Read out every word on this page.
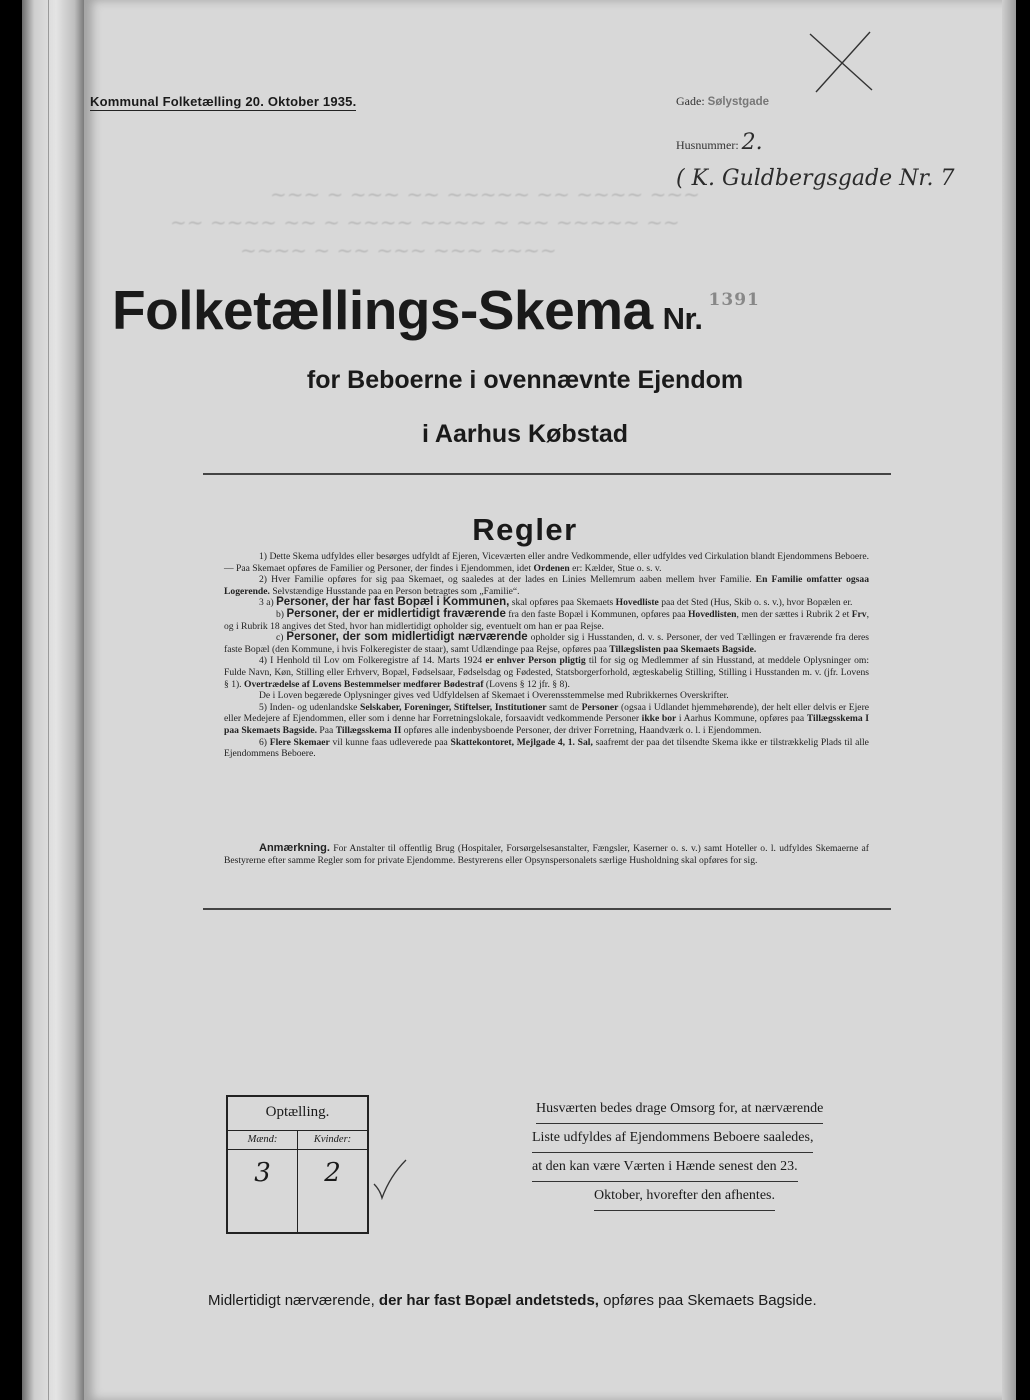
Kommunal Folketælling 20. Oktober 1935.	Gade: Sølystgade
Husnummer: 2.
( K. Guldbergsgade Nr. 7
~~~ ~ ~~~ ~~ ~~~~~ ~~ ~~~~ ~~~
~~ ~~~~ ~~ ~ ~~~~ ~~~~ ~ ~~ ~~~~~ ~~
~~~~ ~ ~~ ~~~ ~~~ ~~~~
Folketællings-Skema Nr.$^{1391}$
for Beboerne i ovennævnte Ejendom
i Aarhus Købstad
Regler

1) Dette Skema udfyldes eller besørges udfyldt af Ejeren, Viceværten eller andre Vedkommende, eller udfyldes ved Cirkulation blandt Ejendommens Beboere. — Paa Skemaet opføres de Familier og Personer, der findes i Ejendommen, idet Ordenen er: Kælder, Stue o. s. v.

2) Hver Familie opføres for sig paa Skemaet, og saaledes at der lades en Linies Mellemrum aaben mellem hver Familie. En Familie omfatter ogsaa Logerende. Selvstændige Husstande paa en Person betragtes som „Familie“.

3 a) Personer, der har fast Bopæl i Kommunen, skal opføres paa Skemaets Hovedliste paa det Sted (Hus, Skib o. s. v.), hvor Bopælen er.

b) Personer, der er midlertidigt fraværende fra den faste Bopæl i Kommunen, opføres paa Hovedlisten, men der sættes i Rubrik 2 et Frv, og i Rubrik 18 angives det Sted, hvor han midlertidigt opholder sig, eventuelt om han er paa Rejse.

c) Personer, der som midlertidigt nærværende opholder sig i Husstanden, d. v. s. Personer, der ved Tællingen er fraværende fra deres faste Bopæl (den Kommune, i hvis Folkeregister de staar), samt Udlændinge paa Rejse, opføres paa Tillægslisten paa Skemaets Bagside.

4) I Henhold til Lov om Folkeregistre af 14. Marts 1924 er enhver Person pligtig til for sig og Medlemmer af sin Husstand, at meddele Oplysninger om: Fulde Navn, Køn, Stilling eller Erhverv, Bopæl, Fødselsaar, Fødselsdag og Fødested, Statsborgerforhold, ægteskabelig Stilling, Stilling i Husstanden m. v. (jfr. Lovens § 1). Overtrædelse af Lovens Bestemmelser medfører Bødestraf (Lovens § 12 jfr. § 8).

De i Loven begærede Oplysninger gives ved Udfyldelsen af Skemaet i Overensstemmelse med Rubrikkernes Overskrifter.

5) Inden- og udenlandske Selskaber, Foreninger, Stiftelser, Institutioner samt de Personer (ogsaa i Udlandet hjemmehørende), der helt eller delvis er Ejere eller Medejere af Ejendommen, eller som i denne har Forretningslokale, forsaavidt vedkommende Personer ikke bor i Aarhus Kommune, opføres paa Tillægsskema I paa Skemaets Bagside. Paa Tillægsskema II opføres alle indenbysboende Personer, der driver Forretning, Haandværk o. l. i Ejendommen.

6) Flere Skemaer vil kunne faas udleverede paa Skattekontoret, Mejlgade 4, 1. Sal, saafremt der paa det tilsendte Skema ikke er tilstrækkelig Plads til alle Ejendommens Beboere.

Anmærkning. For Anstalter til offentlig Brug (Hospitaler, Forsørgelsesanstalter, Fængsler, Kaserner o. s. v.) samt Hoteller o. l. udfyldes Skemaerne af Bestyrerne efter samme Regler som for private Ejendomme. Bestyrerens eller Opsynspersonalets særlige Husholdning skal opføres for sig.

Optælling.
Mænd:
3
Kvinder:
2
Husværten bedes drage Omsorg for, at nærværende Liste udfyldes af Ejendommens Beboere saaledes, at den kan være Værten i Hænde senest den 23. Oktober, hvorefter den afhentes.
Midlertidigt nærværende, der har fast Bopæl andetsteds, opføres paa Skemaets Bagside.
